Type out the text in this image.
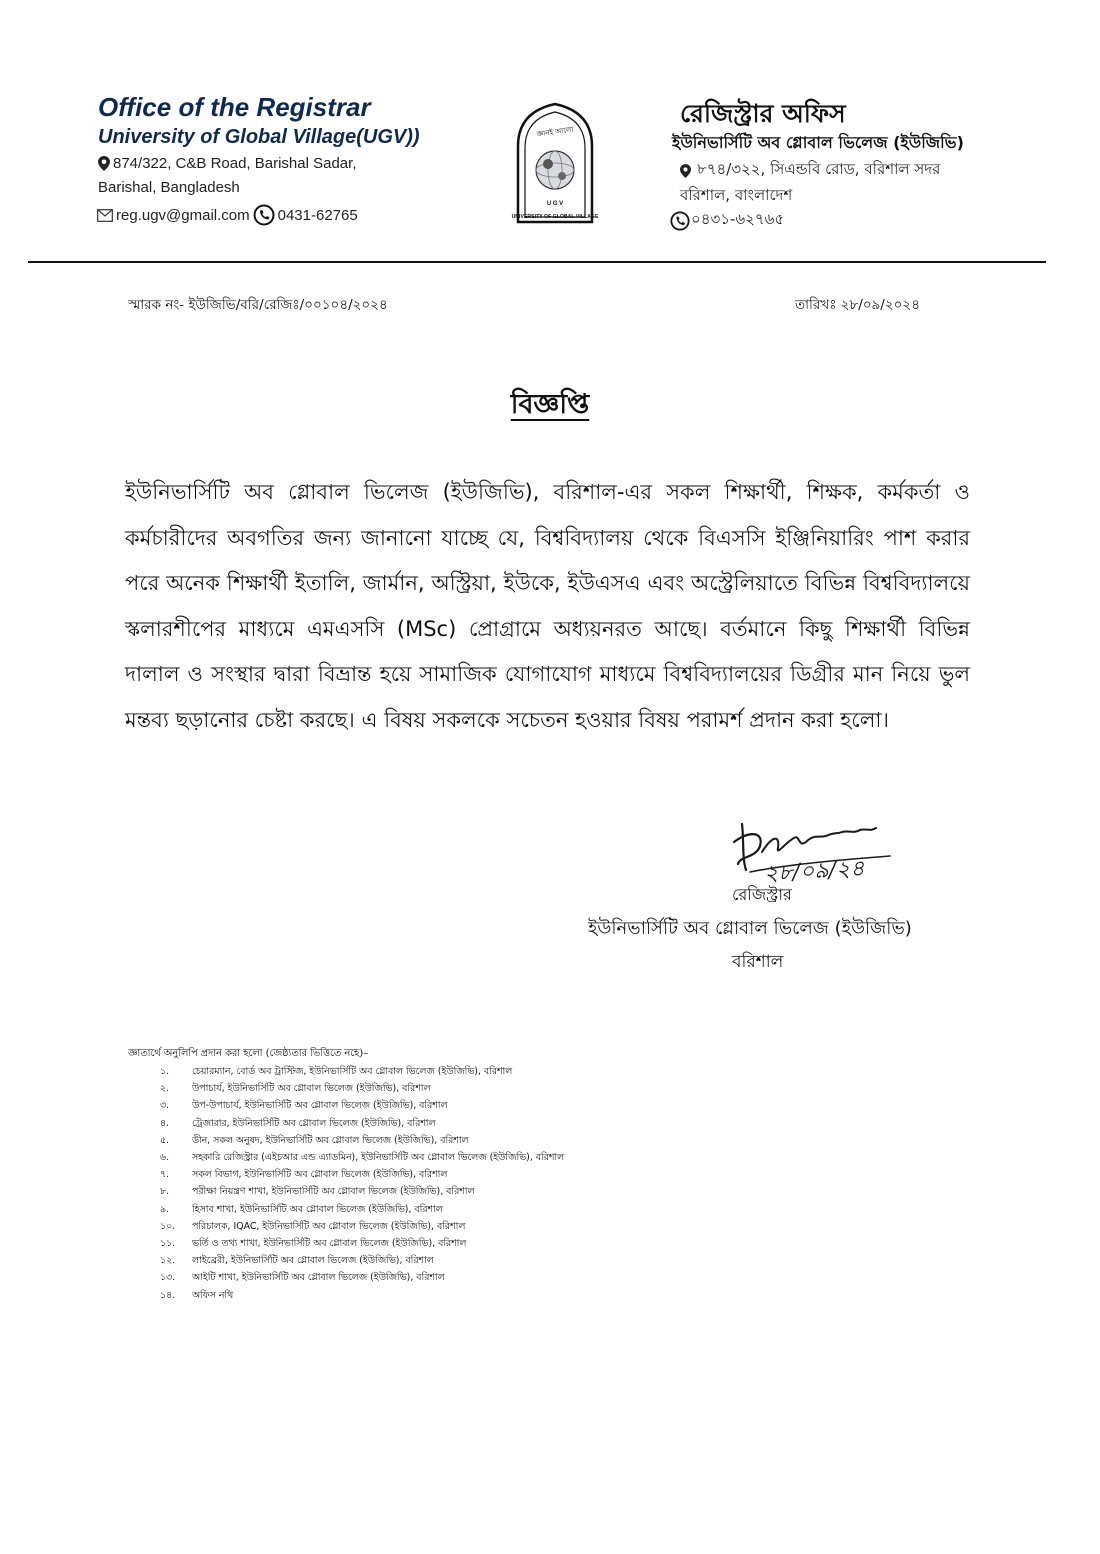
Office of the Registrar
University of Global Village(UGV))
874/322, C&B Road, Barishal Sadar,
Barishal, Bangladesh
reg.ugv@gmail.com 0431-62765
জ্ঞানই আলো
U G V
UNIVERSITY OF GLOBAL VILLAGE
রেজিস্ট্রার অফিস
ইউনিভার্সিটি অব গ্লোবাল ভিলেজ (ইউজিভি)
৮৭৪/৩২২, সিএন্ডবি রোড, বরিশাল সদর
বরিশাল, বাংলাদেশ
০৪৩১-৬২৭৬৫
স্মারক নং- ইউজিভি/বরি/রেজিঃ/০০১০৪/২০২৪	তারিখঃ ২৮/০৯/২০২৪
বিজ্ঞপ্তি
ইউনিভার্সিটি অব গ্লোবাল ভিলেজ (ইউজিভি), বরিশাল-এর সকল শিক্ষার্থী, শিক্ষক, কর্মকর্তা ও কর্মচারীদের অবগতির জন্য জানানো যাচ্ছে যে, বিশ্ববিদ্যালয় থেকে বিএসসি ইঞ্জিনিয়ারিং পাশ করার পরে অনেক শিক্ষার্থী ইতালি, জার্মান, অস্ট্রিয়া, ইউকে, ইউএসএ এবং অস্ট্রেলিয়াতে বিভিন্ন বিশ্ববিদ্যালয়ে স্কলারশীপের মাধ্যমে এমএসসি (MSc) প্রোগ্রামে অধ্যয়নরত আছে। বর্তমানে কিছু শিক্ষার্থী বিভিন্ন দালাল ও সংস্থার দ্বারা বিভ্রান্ত হয়ে সামাজিক যোগাযোগ মাধ্যমে বিশ্ববিদ্যালয়ের ডিগ্রীর মান নিয়ে ভুল মন্তব্য ছড়ানোর চেষ্টা করছে। এ বিষয় সকলকে সচেতন হওয়ার বিষয় পরামর্শ প্রদান করা হলো।
২৮/০৯/২৪
রেজিস্ট্রার
ইউনিভার্সিটি অব গ্লোবাল ভিলেজ (ইউজিভি)
বরিশাল
জ্ঞাতার্থে অনুলিপি প্রদান করা হলো (জেষ্ঠ্যতার ভিত্তিতে নহে)–
১.	চেয়ারম্যান, বোর্ড অব ট্রাস্টিজ, ইউনিভার্সিটি অব গ্লোবাল ভিলেজ (ইউজিভি), বরিশাল
২.	উপাচার্য, ইউনিভার্সিটি অব গ্লোবাল ভিলেজ (ইউজিভি), বরিশাল
৩.	উপ-উপাচার্য, ইউনিভার্সিটি অব গ্লোবাল ভিলেজ (ইউজিভি), বরিশাল
৪.	ট্রেজারার, ইউনিভার্সিটি অব গ্লোবাল ভিলেজ (ইউজিভি), বরিশাল
৫.	ডীন, সকল অনুষদ, ইউনিভার্সিটি অব গ্লোবাল ভিলেজ (ইউজিভি), বরিশাল
৬.	সহকারি রেজিস্ট্রার (এইচআর এন্ড এ্যাডমিন), ইউনিভার্সিটি অব গ্লোবাল ভিলেজ (ইউজিভি), বরিশাল
৭.	সকল বিভাগ, ইউনিভার্সিটি অব গ্লোবাল ভিলেজ (ইউজিভি), বরিশাল
৮.	পরীক্ষা নিয়ন্ত্রণ শাখা, ইউনিভার্সিটি অব গ্লোবাল ভিলেজ (ইউজিভি), বরিশাল
৯.	হিসাব শাখা, ইউনিভার্সিটি অব গ্লোবাল ভিলেজ (ইউজিভি), বরিশাল
১০.	পরিচালক, IQAC, ইউনিভার্সিটি অব গ্লোবাল ভিলেজ (ইউজিভি), বরিশাল
১১.	ভর্তি ও তথ্য শাখা, ইউনিভার্সিটি অব গ্লোবাল ভিলেজ (ইউজিভি), বরিশাল
১২.	লাইব্রেরী, ইউনিভার্সিটি অব গ্লোবাল ভিলেজ (ইউজিভি), বরিশাল
১৩.	আইটি শাখা, ইউনিভার্সিটি অব গ্লোবাল ভিলেজ (ইউজিভি), বরিশাল
১৪.	অফিস নথি
